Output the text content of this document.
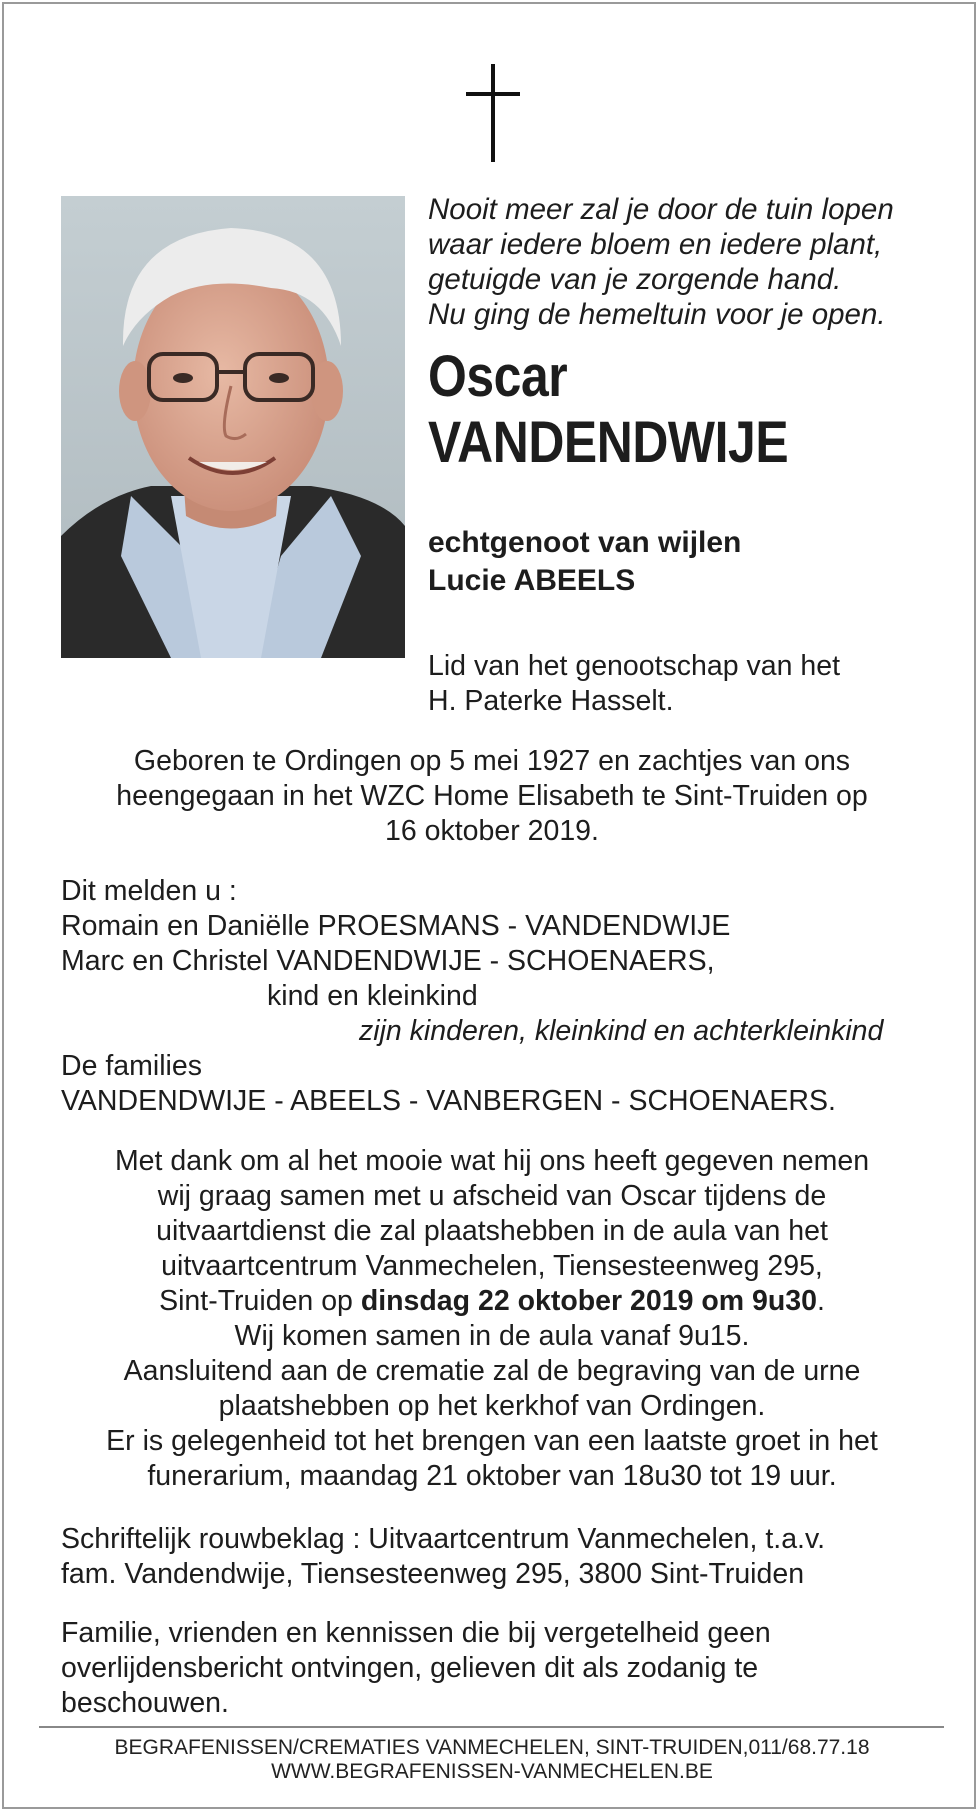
Nooit meer zal je door de tuin lopen
waar iedere bloem en iedere plant,
getuigde van je zorgende hand.
Nu ging de hemeltuin voor je open.
Oscar
VANDENDWIJE
echtgenoot van wijlen
Lucie ABEELS
Lid van het genootschap van het
H. Paterke Hasselt.
Geboren te Ordingen op 5 mei 1927 en zachtjes van ons
heengegaan in het WZC Home Elisabeth te Sint-Truiden op
16 oktober 2019.
Dit melden u :
Romain en Daniëlle PROESMANS - VANDENDWIJE
Marc en Christel VANDENDWIJE - SCHOENAERS,
kind en kleinkind
zijn kinderen, kleinkind en achterkleinkind
De families
VANDENDWIJE - ABEELS - VANBERGEN - SCHOENAERS.
Met dank om al het mooie wat hij ons heeft gegeven nemen
wij graag samen met u afscheid van Oscar tijdens de
uitvaartdienst die zal plaatshebben in de aula van het
uitvaartcentrum Vanmechelen, Tiensesteenweg 295,
Sint-Truiden op dinsdag 22 oktober 2019 om 9u30.
Wij komen samen in de aula vanaf 9u15.
Aansluitend aan de crematie zal de begraving van de urne
plaatshebben op het kerkhof van Ordingen.
Er is gelegenheid tot het brengen van een laatste groet in het
funerarium, maandag 21 oktober van 18u30 tot 19 uur.
Schriftelijk rouwbeklag : Uitvaartcentrum Vanmechelen, t.a.v.
fam. Vandendwije, Tiensesteenweg 295, 3800 Sint-Truiden
Familie, vrienden en kennissen die bij vergetelheid geen
overlijdensbericht ontvingen, gelieven dit als zodanig te
beschouwen.
BEGRAFENISSEN/CREMATIES VANMECHELEN, SINT-TRUIDEN,011/68.77.18
WWW.BEGRAFENISSEN-VANMECHELEN.BE
